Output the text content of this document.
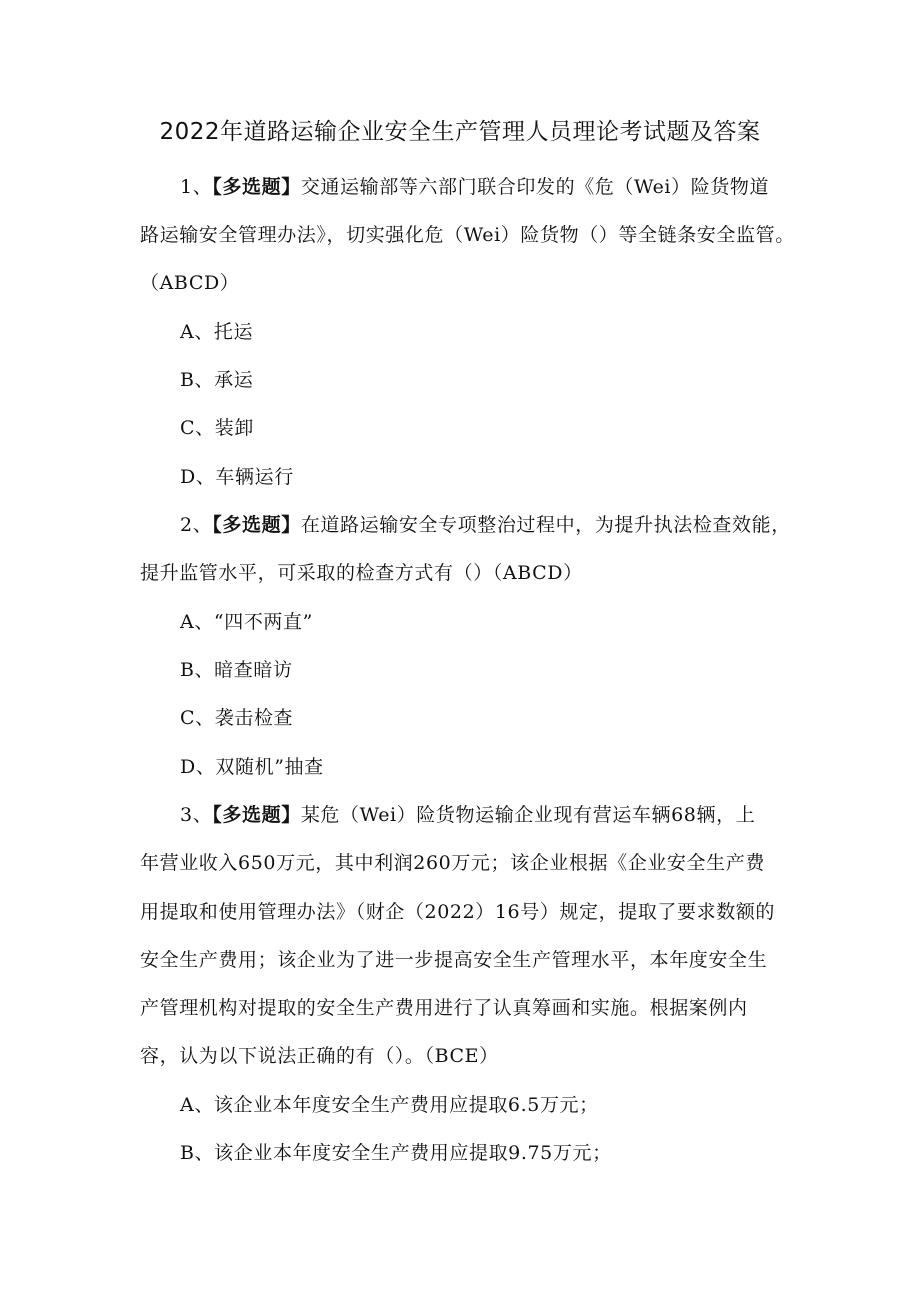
2022年道路运输企业安全生产管理人员理论考试题及答案
1、【多选题】交通运输部等六部门联合印发的《危（Wei）险货物道
路运输安全管理办法》，切实强化危（Wei）险货物（）等全链条安全监管。
（ABCD）
A、托运
B、承运
C、装卸
D、车辆运行
2、【多选题】在道路运输安全专项整治过程中，为提升执法检查效能，
提升监管水平，可采取的检查方式有（）（ABCD）
A、“四不两直”
B、暗查暗访
C、袭击检查
D、双随机”抽查
3、【多选题】某危（Wei）险货物运输企业现有营运车辆68辆，上
年营业收入650万元，其中利润260万元；该企业根据《企业安全生产费
用提取和使用管理办法》（财企（2022）16号）规定，提取了要求数额的
安全生产费用；该企业为了进一步提高安全生产管理水平，本年度安全生
产管理机构对提取的安全生产费用进行了认真筹画和实施。根据案例内
容，认为以下说法正确的有（）。（BCE）
A、该企业本年度安全生产费用应提取6.5万元；
B、该企业本年度安全生产费用应提取9.75万元；
